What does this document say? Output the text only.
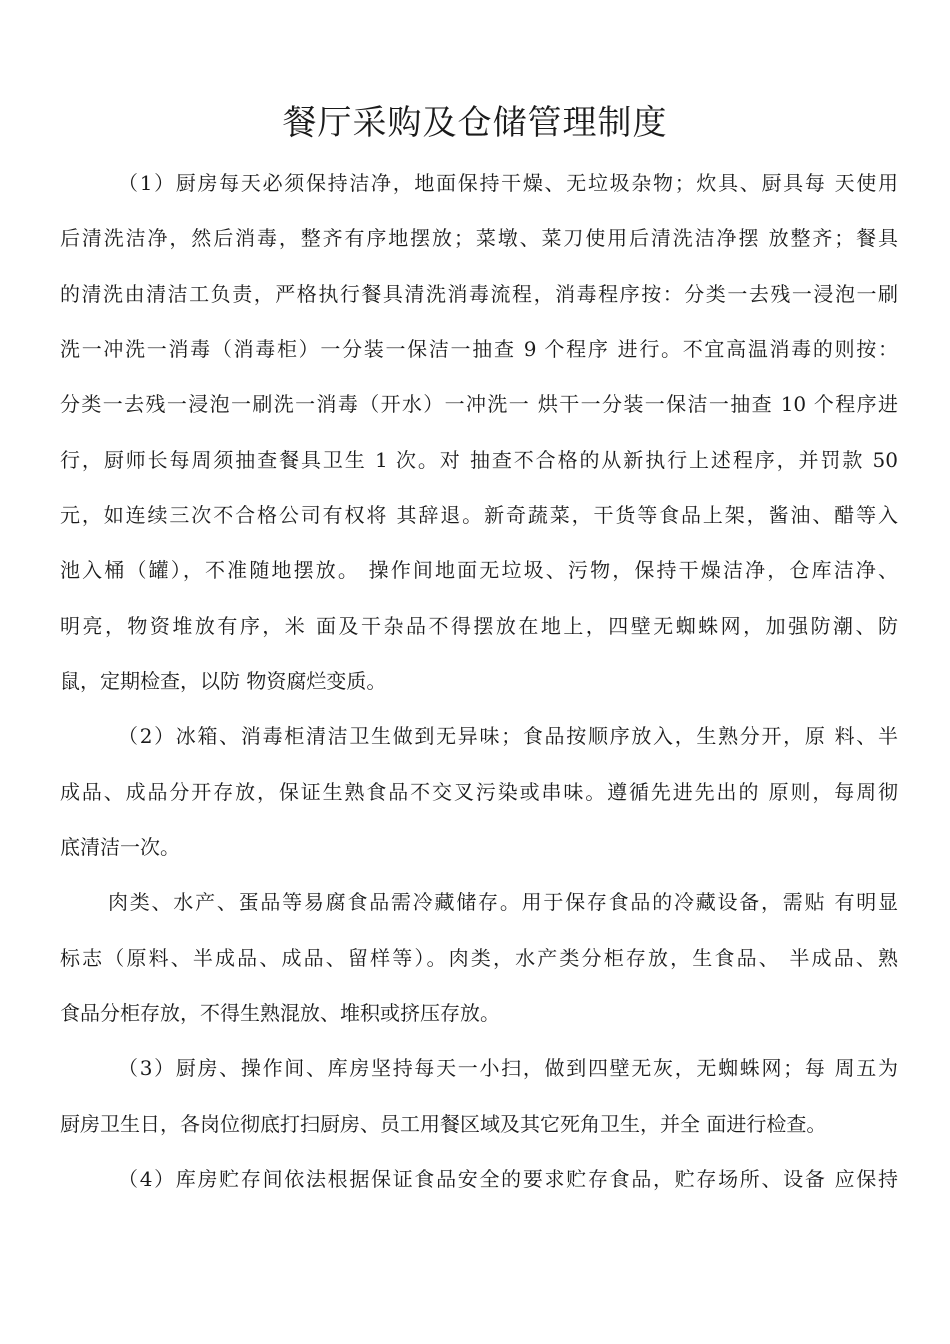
餐厅采购及仓储管理制度
（1）厨房每天必须保持洁净，地面保持干燥、无垃圾杂物；炊具、厨具每 天使用
后清洗洁净，然后消毒，整齐有序地摆放；菜墩、菜刀使用后清洗洁净摆 放整齐；餐具
的清洗由清洁工负责，严格执行餐具清洗消毒流程，消毒程序按：分类一去残一浸泡一刷
洗一冲洗一消毒（消毒柜）一分装一保洁一抽查 9 个程序 进行。不宜高温消毒的则按：
分类一去残一浸泡一刷洗一消毒（开水）一冲洗一 烘干一分装一保洁一抽查 10 个程序进
行，厨师长每周须抽查餐具卫生 1 次。对 抽查不合格的从新执行上述程序，并罚款 50
元，如连续三次不合格公司有权将 其辞退。新奇蔬菜，干货等食品上架，酱油、醋等入
池入桶（罐），不准随地摆放。 操作间地面无垃圾、污物，保持干燥洁净，仓库洁净、
明亮，物资堆放有序，米 面及干杂品不得摆放在地上，四壁无蜘蛛网，加强防潮、防
鼠，定期检查，以防 物资腐烂变质。
（2）冰箱、消毒柜清洁卫生做到无异味；食品按顺序放入，生熟分开，原 料、半
成品、成品分开存放，保证生熟食品不交叉污染或串味。遵循先进先出的 原则，每周彻
底清洁一次。
肉类、水产、蛋品等易腐食品需冷藏储存。用于保存食品的冷藏设备，需贴 有明显
标志（原料、半成品、成品、留样等）。肉类，水产类分柜存放，生食品、 半成品、熟
食品分柜存放，不得生熟混放、堆积或挤压存放。
（3）厨房、操作间、库房坚持每天一小扫，做到四壁无灰，无蜘蛛网；每 周五为
厨房卫生日，各岗位彻底打扫厨房、员工用餐区域及其它死角卫生，并全 面进行检查。
（4）库房贮存间依法根据保证食品安全的要求贮存食品，贮存场所、设备 应保持
